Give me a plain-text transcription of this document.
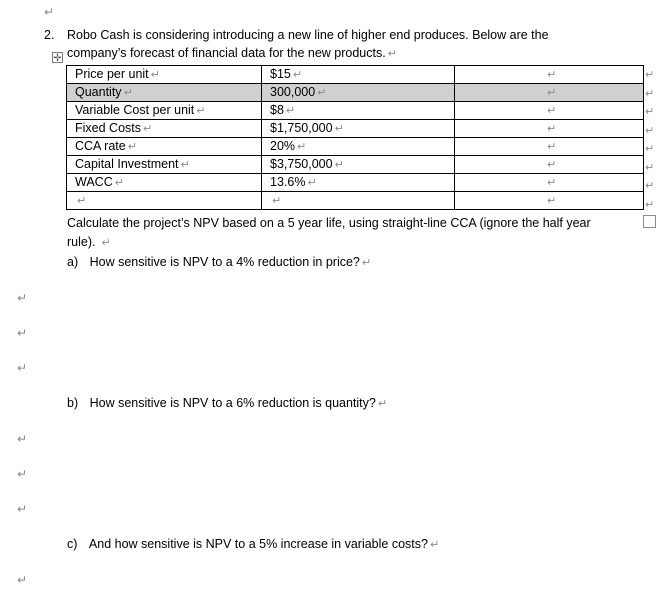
↵
2. Robo Cash is considering introducing a new line of higher end produces. Below are the
✛ company’s forecast of financial data for the new products. ↵
Price per unit ↵	$15 ↵	↵
Quantity ↵	300,000 ↵	↵
Variable Cost per unit ↵	$8 ↵	↵
Fixed Costs ↵	$1,750,000 ↵	↵
CCA rate ↵	20% ↵	↵
Capital Investment ↵	$3,750,000 ↵	↵
WACC ↵	13.6% ↵	↵
↵	↵	↵
↵
↵
↵
↵
↵
↵
↵
↵
Calculate the project’s NPV based on a 5 year life, using straight-line CCA (ignore the half year
rule). ↵
a) How sensitive is NPV to a 4% reduction in price? ↵
↵
↵
↵
b) How sensitive is NPV to a 6% reduction is quantity? ↵
↵
↵
↵
c) And how sensitive is NPV to a 5% increase in variable costs? ↵
↵
